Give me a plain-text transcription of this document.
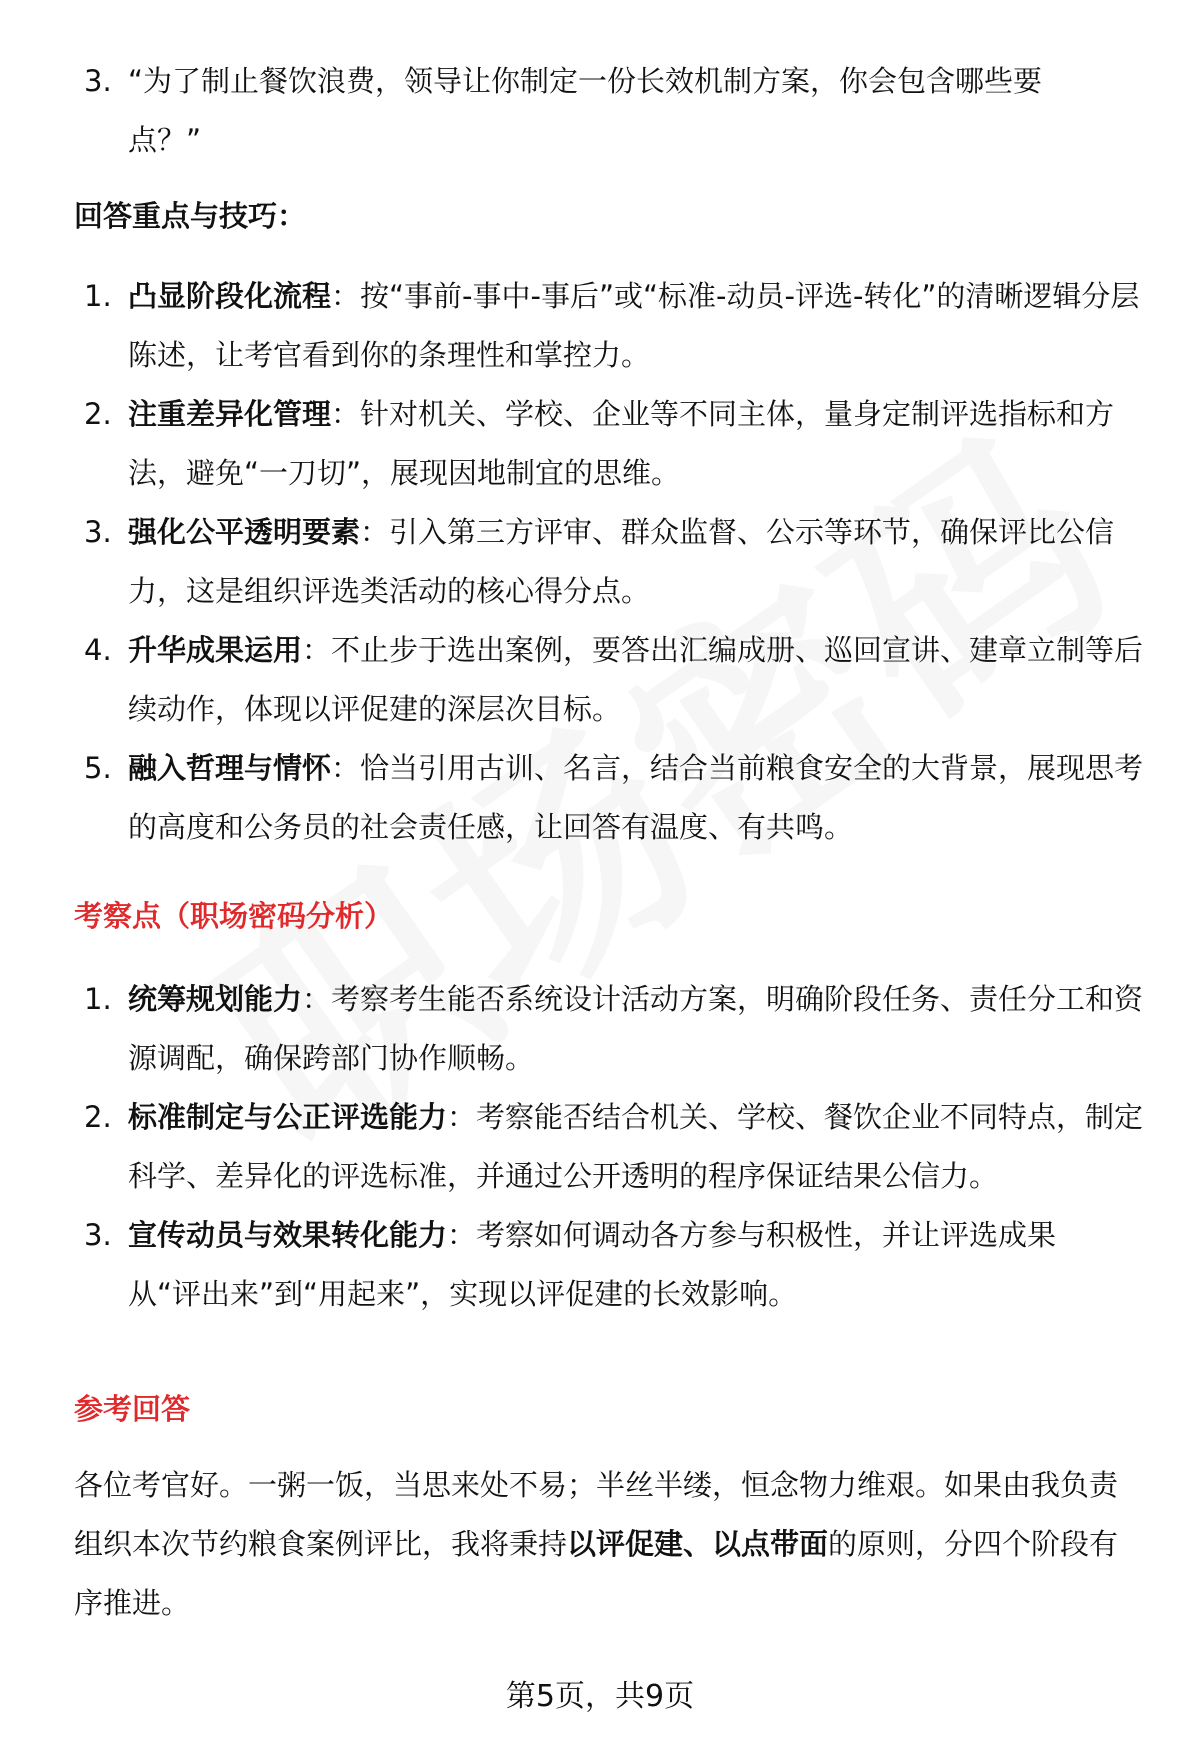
3. “为了制止餐饮浪费，领导让你制定一份长效机制方案，你会包含哪些要点？”
回答重点与技巧：
1. 凸显阶段化流程：按“事前-事中-事后”或“标准-动员-评选-转化”的清晰逻辑分层陈述，让考官看到你的条理性和掌控力。
2. 注重差异化管理：针对机关、学校、企业等不同主体，量身定制评选指标和方法，避免“一刀切”，展现因地制宜的思维。
3. 强化公平透明要素：引入第三方评审、群众监督、公示等环节，确保评比公信力，这是组织评选类活动的核心得分点。
4. 升华成果运用：不止步于选出案例，要答出汇编成册、巡回宣讲、建章立制等后续动作，体现以评促建的深层次目标。
5. 融入哲理与情怀：恰当引用古训、名言，结合当前粮食安全的大背景，展现思考的高度和公务员的社会责任感，让回答有温度、有共鸣。
考察点（职场密码分析）
1. 统筹规划能力：考察考生能否系统设计活动方案，明确阶段任务、责任分工和资源调配，确保跨部门协作顺畅。
2. 标准制定与公正评选能力：考察能否结合机关、学校、餐饮企业不同特点，制定科学、差异化的评选标准，并通过公开透明的程序保证结果公信力。
3. 宣传动员与效果转化能力：考察如何调动各方参与积极性，并让评选成果从“评出来”到“用起来”，实现以评促建的长效影响。
参考回答
各位考官好。一粥一饭，当思来处不易；半丝半缕，恒念物力维艰。如果由我负责组织本次节约粮食案例评比，我将秉持以评促建、以点带面的原则，分四个阶段有序推进。
第5页，共9页
